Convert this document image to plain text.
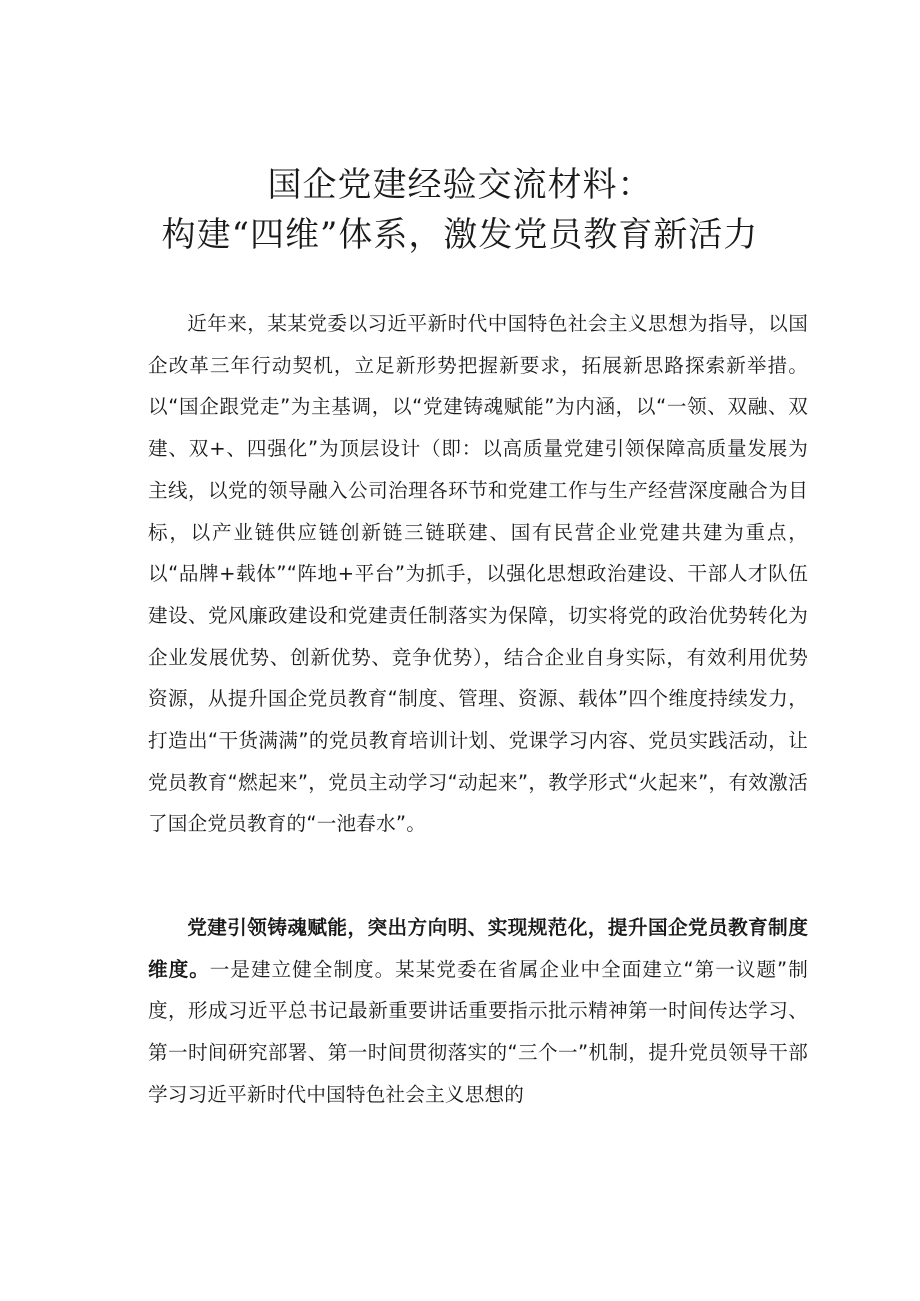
国企党建经验交流材料：
构建“四维”体系，激发党员教育新活力

近年来，某某党委以习近平新时代中国特色社会主义思想为指导，以国企改革三年行动契机，立足新形势把握新要求，拓展新思路探索新举措。以“国企跟党走”为主基调，以“党建铸魂赋能”为内涵，以“一领、双融、双建、双+、四强化”为顶层设计（即：以高质量党建引领保障高质量发展为主线，以党的领导融入公司治理各环节和党建工作与生产经营深度融合为目标，以产业链供应链创新链三链联建、国有民营企业党建共建为重点，以“品牌+载体”“阵地+平台”为抓手，以强化思想政治建设、干部人才队伍建设、党风廉政建设和党建责任制落实为保障，切实将党的政治优势转化为企业发展优势、创新优势、竞争优势），结合企业自身实际，有效利用优势资源，从提升国企党员教育“制度、管理、资源、载体”四个维度持续发力，打造出“干货满满”的党员教育培训计划、党课学习内容、党员实践活动，让党员教育“燃起来”，党员主动学习“动起来”，教学形式“火起来”，有效激活了国企党员教育的“一池春水”。

党建引领铸魂赋能，突出方向明、实现规范化，提升国企党员教育制度维度。一是建立健全制度。某某党委在省属企业中全面建立“第一议题”制度，形成习近平总书记最新重要讲话重要指示批示精神第一时间传达学习、第一时间研究部署、第一时间贯彻落实的“三个一”机制，提升党员领导干部学习习近平新时代中国特色社会主义思想的
